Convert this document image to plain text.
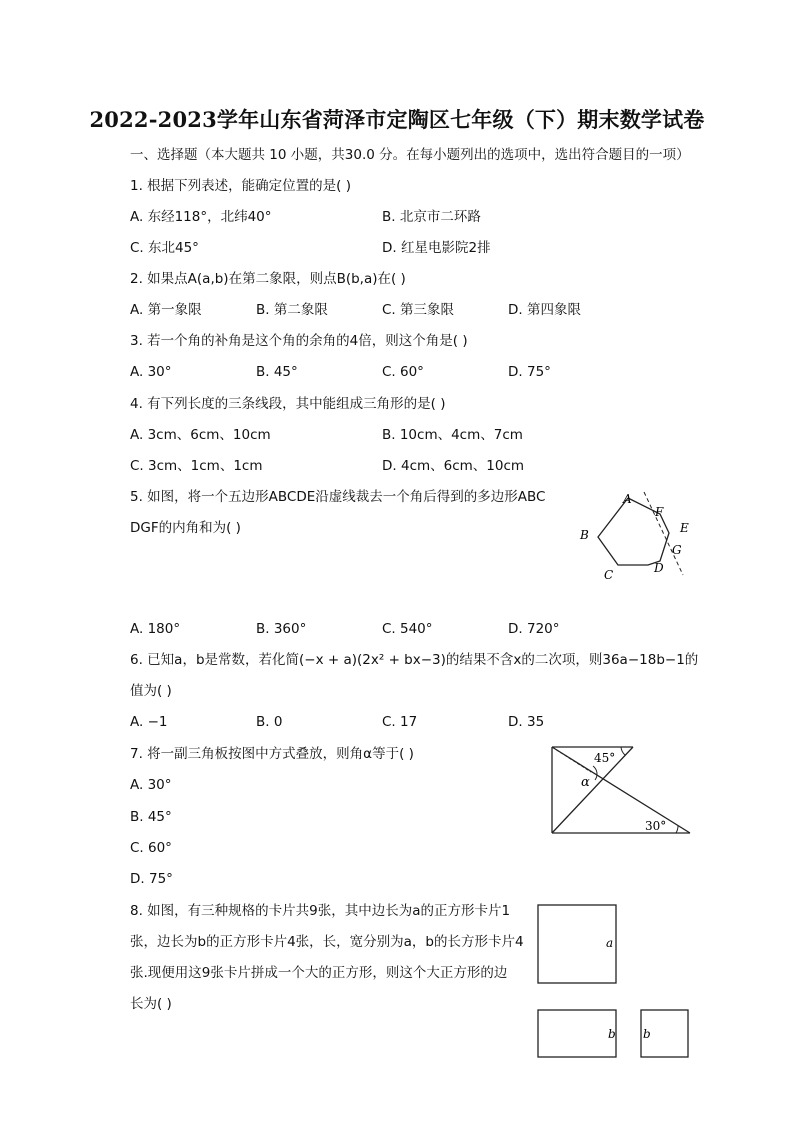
2022-2023学年山东省菏泽市定陶区七年级（下）期末数学试卷
一、选择题（本大题共 10 小题，共30.0 分。在每小题列出的选项中，选出符合题目的一项）
1. 根据下列表述，能确定位置的是( )
A. 东经118°，北纬40°	B. 北京市二环路
C. 东北45°	D. 红星电影院2排
2. 如果点A(a,b)在第二象限，则点B(b,a)在( )
A. 第一象限	B. 第二象限	C. 第三象限	D. 第四象限
3. 若一个角的补角是这个角的余角的4倍，则这个角是( )
A. 30°	B. 45°	C. 60°	D. 75°
4. 有下列长度的三条线段，其中能组成三角形的是( )
A. 3cm、6cm、10cm	B. 10cm、4cm、7cm
C. 3cm、1cm、1cm	D. 4cm、6cm、10cm
5. 如图，将一个五边形ABCDE沿虚线裁去一个角后得到的多边形ABC
DGF的内角和为( )
A
F
E
G
D
C
B
A. 180°	B. 360°	C. 540°	D. 720°
6. 已知a，b是常数，若化简(−x + a)(2x² + bx−3)的结果不含x的二次项，则36a−18b−1的
值为( )
A. −1	B. 0	C. 17	D. 35
7. 将一副三角板按图中方式叠放，则角α等于( )
A. 30°
B. 45°
C. 60°
D. 75°
45°
α
30°
8. 如图，有三种规格的卡片共9张，其中边长为a的正方形卡片1
张，边长为b的正方形卡片4张，长，宽分别为a，b的长方形卡片4
张.现便用这9张卡片拼成一个大的正方形，则这个大正方形的边
长为( )
a
b b
